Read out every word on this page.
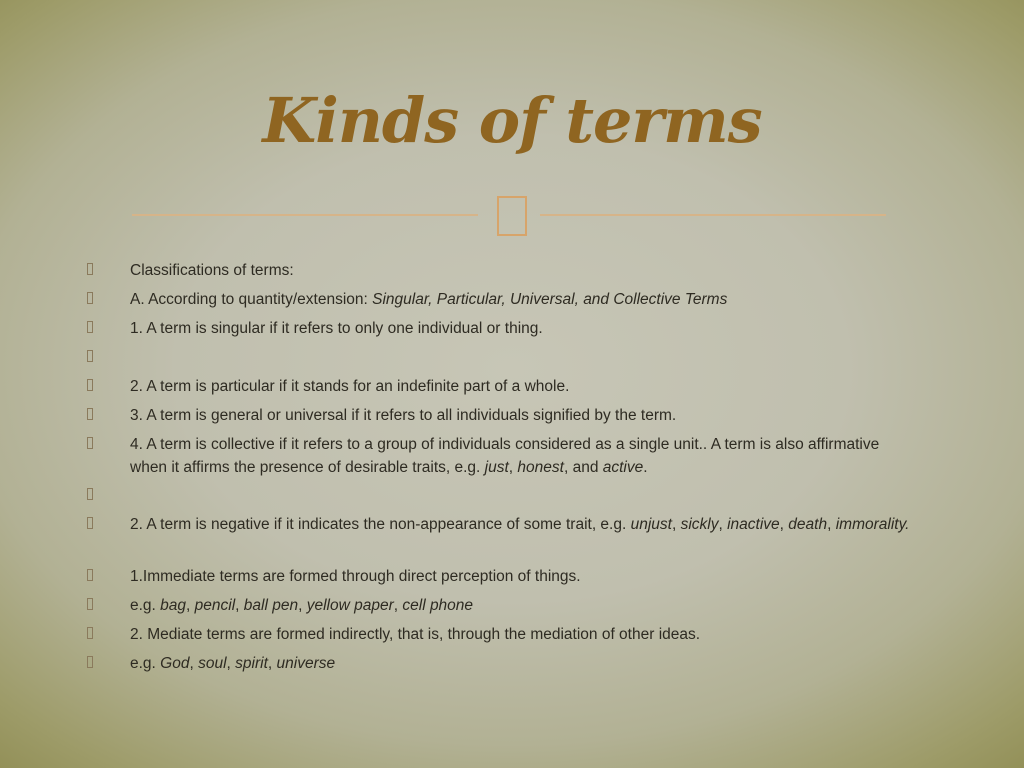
Kinds of terms
Classifications of terms:
A. According to quantity/extension: Singular, Particular, Universal, and Collective Terms
1. A term is singular if it refers to only one individual or thing.
2. A term is particular if it stands for an indefinite part of a whole.
3. A term is general or universal if it refers to all individuals signified by the term.
4. A term is collective if it refers to a group of individuals considered as a single unit.. A term is also affirmative when it affirms the presence of desirable traits, e.g. just, honest, and active.
2. A term is negative if it indicates the non-appearance of some trait, e.g. unjust, sickly, inactive, death, immorality.
1.Immediate terms are formed through direct perception of things.
e.g. bag, pencil, ball pen, yellow paper, cell phone
2. Mediate terms are formed indirectly, that is, through the mediation of other ideas.
e.g. God, soul, spirit, universe
